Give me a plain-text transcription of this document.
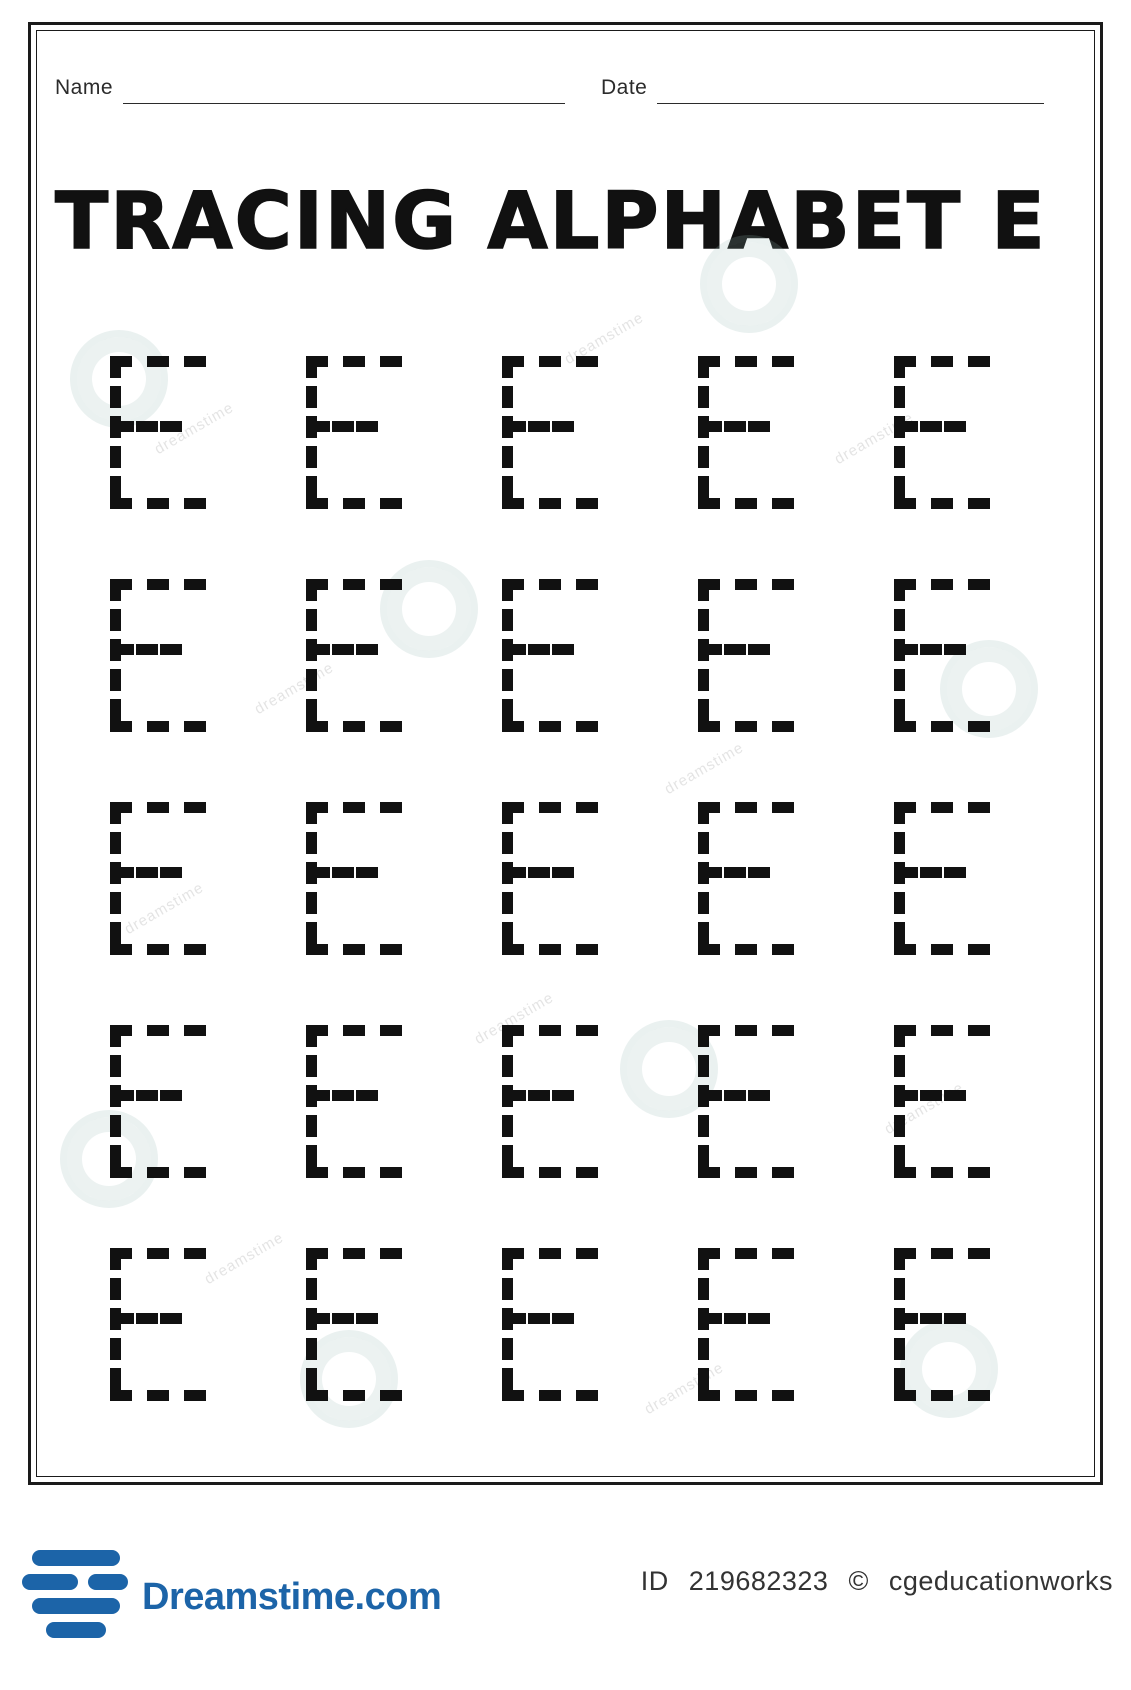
Name	Date
TRACING ALPHABET E
dreamstime
dreamstime
dreamstime
dreamstime
dreamstime
dreamstime
dreamstime
dreamstime
dreamstime
dreamstime
Dreamstime.com	ID 219682323 © cgeducationworks
